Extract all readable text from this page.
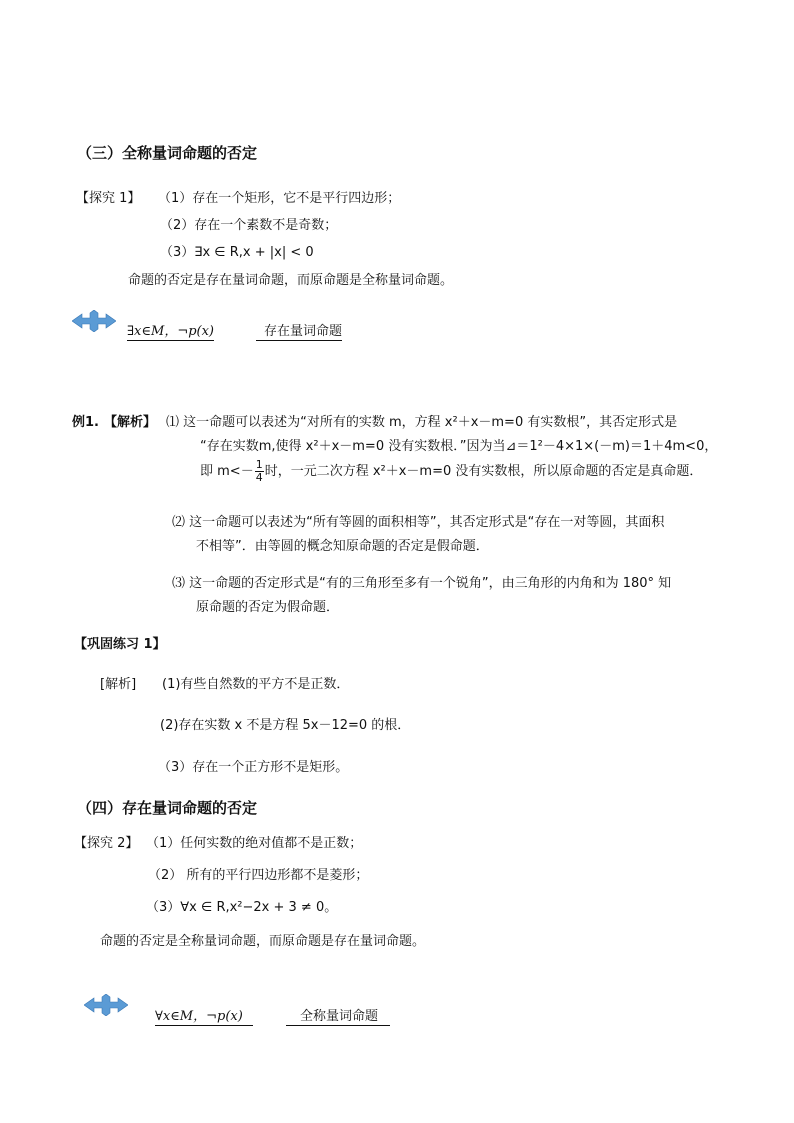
（三）全称量词命题的否定
【探究 1】 （1）存在一个矩形，它不是平行四边形；
（2）存在一个素数不是奇数；
（3）∃x ∈ R,x + |x| < 0
命题的否定是存在量词命题，而原命题是全称量词命题。
∃x∈M，¬p(x)	存在量词命题
例1. 【解析】 ⑴ 这一命题可以表述为“对所有的实数 m，方程 x²＋x－m=0 有实数根”，其否定形式是
“存在实数m,使得 x²＋x－m=0 没有实数根．”因为当⊿＝1²－4×1×(－m)＝1＋4m<0，
即 $m<- \frac{1}{4}$ 时，一元二次方程 x²＋x－m=0 没有实数根，所以原命题的否定是真命题．
⑵ 这一命题可以表述为“所有等圆的面积相等”，其否定形式是“存在一对等圆，其面积
不相等”．由等圆的概念知原命题的否定是假命题．
⑶ 这一命题的否定形式是“有的三角形至多有一个锐角”，由三角形的内角和为 180° 知
原命题的否定为假命题．
【巩固练习 1】
[解析] (1)有些自然数的平方不是正数．
(2)存在实数 x 不是方程 5x－12=0 的根．
（3）存在一个正方形不是矩形。
（四）存在量词命题的否定
【探究 2】 （1）任何实数的绝对值都不是正数；
（2） 所有的平行四边形都不是菱形；
（3）∀x ∈ R,x²−2x + 3 ≠ 0。
命题的否定是全称量词命题，而原命题是存在量词命题。
∀x∈M，¬p(x)	全称量词命题
